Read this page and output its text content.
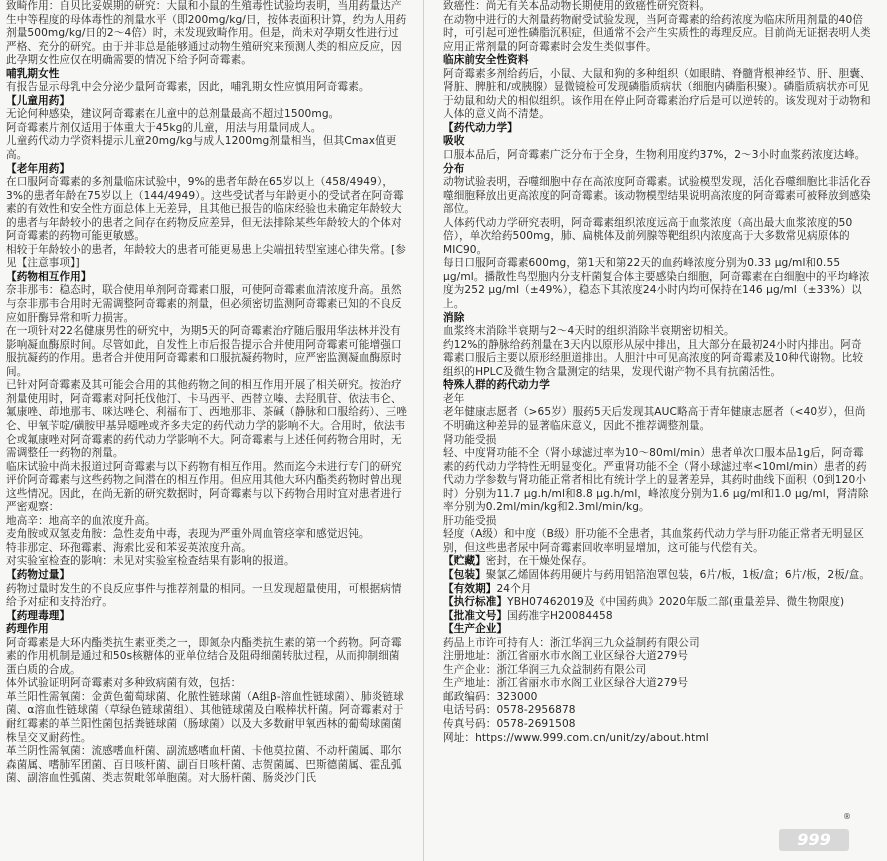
致畸作用：自贝比妥娱期的研究：大鼠和小鼠的生殖毒性试验均表明，当用药量达产生中等程度的母体毒性的剂量水平（即200mg/kg/日，按体表面积计算，约为人用药剂量500mg/kg/日的2～4倍）时，未发现致畸作用。但是，尚未对孕期女性进行过严格、充分的研究。由于并非总是能够通过动物生殖研究来预测人类的相应反应，因此孕期女性应仅在明确需要的情况下给予阿奇霉素。

哺乳期女性

有报告显示母乳中会分泌少量阿奇霉素，因此，哺乳期女性应慎用阿奇霉素。

【儿童用药】

无论何种感染，建议阿奇霉素在儿童中的总剂量最高不超过1500mg。

阿奇霉素片剂仅适用于体重大于45kg的儿童，用法与用量同成人。

儿童药代动力学资料提示儿童20mg/kg与成人1200mg剂量相当，但其Cmax值更高。

【老年用药】

在口服阿奇霉素的多剂量临床试验中，9%的患者年龄在65岁以上（458/4949），3%的患者年龄在75岁以上（144/4949）。这些受试者与年龄更小的受试者在阿奇霉素的有效性和安全性方面总体上无差异，且其他已报告的临床经验也未确定年龄较大的患者与年龄较小的患者之间存在药物反应差异，但无法排除某些年龄较大的个体对阿奇霉素的药物可能更敏感。

相较于年龄较小的患者，年龄较大的患者可能更易患上尖端扭转型室速心律失常。[参见【注意事项】]

【药物相互作用】

奈非那韦：稳态时，联合使用单剂阿奇霉素口服，可使阿奇霉素血清浓度升高。虽然与奈非那韦合用时无需调整阿奇霉素的剂量，但必须密切监测阿奇霉素已知的不良反应如肝酶异常和听力损害。

在一项针对22名健康男性的研究中，为期5天的阿奇霉素治疗随后服用华法林并没有影响凝血酶原时间。尽管如此，自发性上市后报告提示合并使用阿奇霉素可能增强口服抗凝药的作用。患者合并使用阿奇霉素和口服抗凝药物时，应严密监测凝血酶原时间。

已针对阿奇霉素及其可能会合用的其他药物之间的相互作用开展了相关研究。按治疗剂量使用时，阿奇霉素对阿托伐他汀、卡马西平、西替立嗪、去羟肌苷、依法韦仑、氟康唑、茚地那韦、咪达唑仑、利福布丁、西地那非、茶碱（静脉和口服给药）、三唑仑、甲氧苄啶/磺胺甲基异噁唑或齐多夫定的药代动力学的影响不大。合用时，依法韦仑或氟康唑对阿奇霉素的药代动力学影响不大。阿奇霉素与上述任何药物合用时，无需调整任一药物的剂量。

临床试验中尚未报道过阿奇霉素与以下药物有相互作用。然而迄今未进行专门的研究评价阿奇霉素与这些药物之间潜在的相互作用。但应用其他大环内酯类药物时曾出现这些情况。因此，在尚无新的研究数据时，阿奇霉素与以下药物合用时宜对患者进行严密观察：

地高辛：地高辛的血浓度升高。

麦角胺或双氢麦角胺：急性麦角中毒，表现为严重外周血管痉挛和感觉迟钝。

特非那定、环孢霉素、海索比妥和苯妥英浓度升高。

对实验室检查的影响：未见对实验室检查结果有影响的报道。

【药物过量】

药物过量时发生的不良反应事件与推荐剂量的相同。一旦发现超量使用，可根据病情给予对症和支持治疗。

【药理毒理】

药理作用

阿奇霉素是大环内酯类抗生素亚类之一，即氮杂内酯类抗生素的第一个药物。阿奇霉素的作用机制是通过和50s核糖体的亚单位结合及阻碍细菌转肽过程，从而抑制细菌蛋白质的合成。

体外试验证明阿奇霉素对多种致病菌有效，包括：

革兰阳性需氧菌：金黄色葡萄球菌、化脓性链球菌（A组β-溶血性链球菌）、肺炎链球菌、α溶血性链球菌（草绿色链球菌组）、其他链球菌及白喉棒状杆菌。阿奇霉素对于耐红霉素的革兰阳性菌包括粪链球菌（肠球菌）以及大多数耐甲氧西林的葡萄球菌菌株呈交叉耐药性。

革兰阴性需氧菌：流感嗜血杆菌、副流感嗜血杆菌、卡他莫拉菌、不动杆菌属、耶尔森菌属、嗜肺军团菌、百日咳杆菌、副百日咳杆菌、志贺菌属、巴斯德菌属、霍乱弧菌、副溶血性弧菌、类志贺毗邻单胞菌。对大肠杆菌、肠炎沙门氏

致癌性：尚无有关本品动物长期使用的致癌性研究资料。

在动物中进行的大剂量药物耐受试验发现，当阿奇霉素的给药浓度为临床所用剂量的40倍时，可引起可逆性磷脂沉积症，但通常不会产生实质性的毒理反应。目前尚无证据表明人类应用正常剂量的阿奇霉素时会发生类似事件。

临床前安全性资料

阿奇霉素多剂给药后，小鼠、大鼠和狗的多种组织（如眼睛、脊髓背根神经节、肝、胆囊、肾脏、脾脏和/或胰腺）显微镜检可发现磷脂质病状（细胞内磷脂积聚）。磷脂质病状亦可见于幼鼠和幼犬的相似组织。该作用在停止阿奇霉素治疗后是可以逆转的。该发现对于动物和人体的意义尚不清楚。

【药代动力学】

吸收

口服本品后，阿奇霉素广泛分布于全身，生物利用度约37%，2～3小时血浆药浓度达峰。

分布

动物试验表明，吞噬细胞中存在高浓度阿奇霉素。试验模型发现，活化吞噬细胞比非活化吞噬细胞释放出更高浓度的阿奇霉素。该动物模型结果说明高浓度的阿奇霉素可被释放到感染部位。

人体药代动力学研究表明，阿奇霉素组织浓度远高于血浆浓度（高出最大血浆浓度的50倍），单次给药500mg，肺、扁桃体及前列腺等靶组织内浓度高于大多数常见病原体的MIC90。

每日口服阿奇霉素600mg，第1天和第22天的血药峰浓度分别为0.33 μg/ml和0.55 μg/ml。播散性鸟型胞内分支杆菌复合体主要感染白细胞，阿奇霉素在白细胞中的平均峰浓度为252 μg/ml（±49%），稳态下其浓度24小时内均可保持在146 μg/ml（±33%）以上。

消除

血浆终末消除半衰期与2～4天时的组织消除半衰期密切相关。

约12%的静脉给药剂量在3天内以原形从尿中排出，且大部分在最初24小时内排出。阿奇霉素口服后主要以原形经胆道排出。人胆汁中可见高浓度的阿奇霉素及10种代谢物。比较组织的HPLC及微生物含量测定的结果，发现代谢产物不具有抗菌活性。

特殊人群的药代动力学

老年

老年健康志愿者（>65岁）服药5天后发现其AUC略高于青年健康志愿者（<40岁），但尚不明确这种差异的显著临床意义，因此不推荐调整剂量。

肾功能受损

轻、中度肾功能不全（肾小球滤过率为10～80ml/min）患者单次口服本品1g后，阿奇霉素的药代动力学特性无明显变化。严重肾功能不全（肾小球滤过率<10ml/min）患者的药代动力学参数与肾功能正常者相比有统计学上的显著差异，其药时曲线下面积（0到120小时）分别为11.7 μg.h/ml和8.8 μg.h/ml，峰浓度分别为1.6 μg/ml和1.0 μg/ml，肾清除率分别为0.2ml/min/kg和2.3ml/min/kg。

肝功能受损

轻度（A级）和中度（B级）肝功能不全患者，其血浆药代动力学与肝功能正常者无明显区别，但这些患者尿中阿奇霉素回收率明显增加，这可能与代偿有关。

【贮藏】密封，在干燥处保存。

【包装】聚氯乙烯固体药用硬片与药用铝箔泡罩包装，6片/板，1板/盒；6片/板，2板/盒。

【有效期】24个月

【执行标准】YBH07462019及《中国药典》2020年版二部(重量差异、微生物限度)

【批准文号】国药准字H20084458

【生产企业】

药品上市许可持有人：浙江华润三九众益制药有限公司

注册地址：浙江省丽水市水阁工业区绿谷大道279号

生产企业：浙江华润三九众益制药有限公司

生产地址：浙江省丽水市水阁工业区绿谷大道279号

邮政编码：323000

电话号码：0578-2956878

传真号码：0578-2691508

网址：https://www.999.com.cn/unit/zy/about.html

®
999
